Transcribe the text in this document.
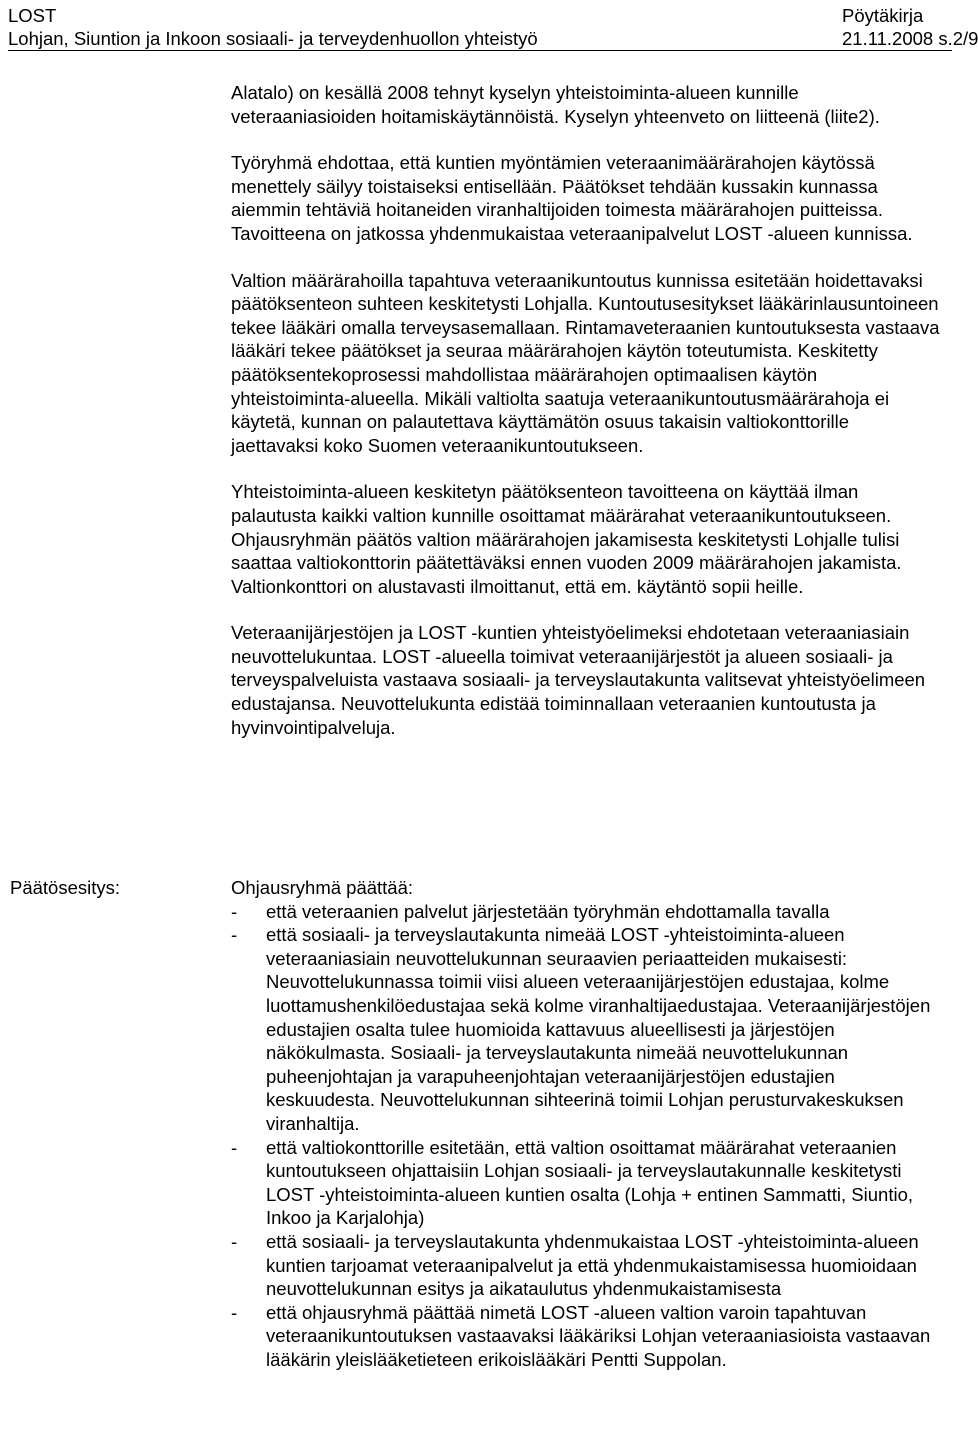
LOST
Lohjan, Siuntion ja Inkoon sosiaali- ja terveydenhuollon yhteistyö
Pöytäkirja
21.11.2008 s.2/9

Alatalo) on kesällä 2008 tehnyt kyselyn yhteistoiminta-alueen kunnille veteraaniasioiden hoitamiskäytännöistä. Kyselyn yhteenveto on liitteenä (liite2).

Työryhmä ehdottaa, että kuntien myöntämien veteraanimäärärahojen käytössä menettely säilyy toistaiseksi entisellään. Päätökset tehdään kussakin kunnassa aiemmin tehtäviä hoitaneiden viranhaltijoiden toimesta määrärahojen puitteissa. Tavoitteena on jatkossa yhdenmukaistaa veteraanipalvelut LOST -alueen kunnissa.

Valtion määrärahoilla tapahtuva veteraanikuntoutus kunnissa esitetään hoidettavaksi päätöksenteon suhteen keskitetysti Lohjalla. Kuntoutusesitykset lääkärinlausuntoineen tekee lääkäri omalla terveysasemallaan. Rintamaveteraanien kuntoutuksesta vastaava lääkäri tekee päätökset ja seuraa määrärahojen käytön toteutumista. Keskitetty päätöksentekoprosessi mahdollistaa määrärahojen optimaalisen käytön yhteistoiminta-alueella. Mikäli valtiolta saatuja veteraanikuntoutusmäärärahoja ei käytetä, kunnan on palautettava käyttämätön osuus takaisin valtiokonttorille jaettavaksi koko Suomen veteraanikuntoutukseen.

Yhteistoiminta-alueen keskitetyn päätöksenteon tavoitteena on käyttää ilman palautusta kaikki valtion kunnille osoittamat määrärahat veteraanikuntoutukseen. Ohjausryhmän päätös valtion määrärahojen jakamisesta keskitetysti Lohjalle tulisi saattaa valtiokonttorin päätettäväksi ennen vuoden 2009 määrärahojen jakamista. Valtionkonttori on alustavasti ilmoittanut, että em. käytäntö sopii heille.

Veteraanijärjestöjen ja LOST -kuntien yhteistyöelimeksi ehdotetaan veteraaniasiain neuvottelukuntaa. LOST -alueella toimivat veteraanijärjestöt ja alueen sosiaali- ja terveyspalveluista vastaava sosiaali- ja terveyslautakunta valitsevat yhteistyöelimeen edustajansa. Neuvottelukunta edistää toiminnallaan veteraanien kuntoutusta ja hyvinvointipalveluja.

Päätösesitys:	Ohjausryhmä päättää:

- että veteraanien palvelut järjestetään työryhmän ehdottamalla tavalla
- että sosiaali- ja terveyslautakunta nimeää LOST -yhteistoiminta-alueen veteraaniasiain neuvottelukunnan seuraavien periaatteiden mukaisesti: Neuvottelukunnassa toimii viisi alueen veteraanijärjestöjen edustajaa, kolme luottamushenkilöedustajaa sekä kolme viranhaltijaedustajaa. Veteraanijärjestöjen edustajien osalta tulee huomioida kattavuus alueellisesti ja järjestöjen näkökulmasta. Sosiaali- ja terveyslautakunta nimeää neuvottelukunnan puheenjohtajan ja varapuheenjohtajan veteraanijärjestöjen edustajien keskuudesta. Neuvottelukunnan sihteerinä toimii Lohjan perusturvakeskuksen viranhaltija.
- että valtiokonttorille esitetään, että valtion osoittamat määrärahat veteraanien kuntoutukseen ohjattaisiin Lohjan sosiaali- ja terveyslautakunnalle keskitetysti LOST -yhteistoiminta-alueen kuntien osalta (Lohja + entinen Sammatti, Siuntio, Inkoo ja Karjalohja)
- että sosiaali- ja terveyslautakunta yhdenmukaistaa LOST -yhteistoiminta-alueen kuntien tarjoamat veteraanipalvelut ja että yhdenmukaistamisessa huomioidaan neuvottelukunnan esitys ja aikataulutus yhdenmukaistamisesta
- että ohjausryhmä päättää nimetä LOST -alueen valtion varoin tapahtuvan veteraanikuntoutuksen vastaavaksi lääkäriksi Lohjan veteraaniasioista vastaavan lääkärin yleislääketieteen erikoislääkäri Pentti Suppolan.
